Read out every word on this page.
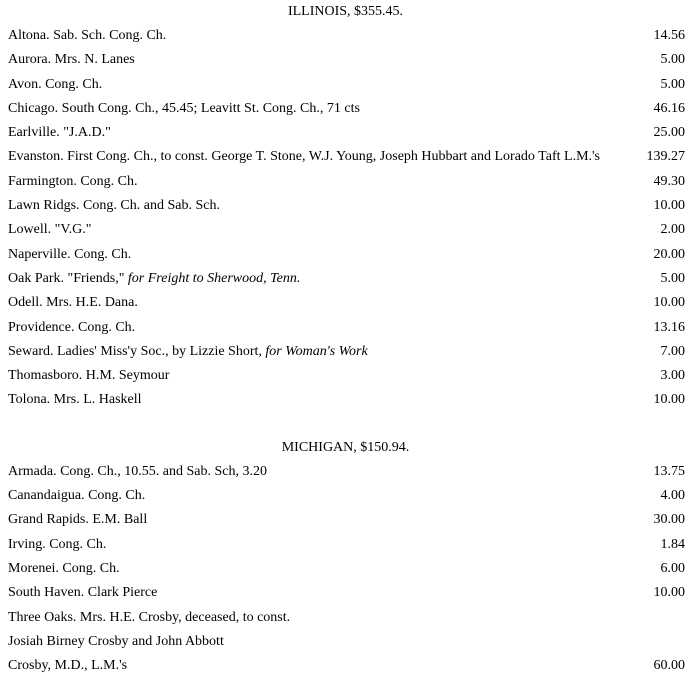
ILLINOIS, $355.45.
Altona. Sab. Sch. Cong. Ch.	14.56
Aurora. Mrs. N. Lanes	5.00
Avon. Cong. Ch.	5.00
Chicago. South Cong. Ch., 45.45; Leavitt St. Cong. Ch., 71 cts	46.16
Earlville. "J.A.D."	25.00
Evanston. First Cong. Ch., to const. George T. Stone, W.J. Young, Joseph Hubbart and Lorado Taft L.M.'s	139.27
Farmington. Cong. Ch.	49.30
Lawn Ridgs. Cong. Ch. and Sab. Sch.	10.00
Lowell. "V.G."	2.00
Naperville. Cong. Ch.	20.00
Oak Park. "Friends," for Freight to Sherwood, Tenn.	5.00
Odell. Mrs. H.E. Dana.	10.00
Providence. Cong. Ch.	13.16
Seward. Ladies' Miss'y Soc., by Lizzie Short, for Woman's Work	7.00
Thomasboro. H.M. Seymour	3.00
Tolona. Mrs. L. Haskell	10.00
MICHIGAN, $150.94.
Armada. Cong. Ch., 10.55. and Sab. Sch, 3.20	13.75
Canandaigua. Cong. Ch.	4.00
Grand Rapids. E.M. Ball	30.00
Irving. Cong. Ch.	1.84
Morenei. Cong. Ch.	6.00
South Haven. Clark Pierce	10.00
Three Oaks. Mrs. H.E. Crosby, deceased, to const.
Josiah Birney Crosby and John Abbott
Crosby, M.D., L.M.'s	60.00
